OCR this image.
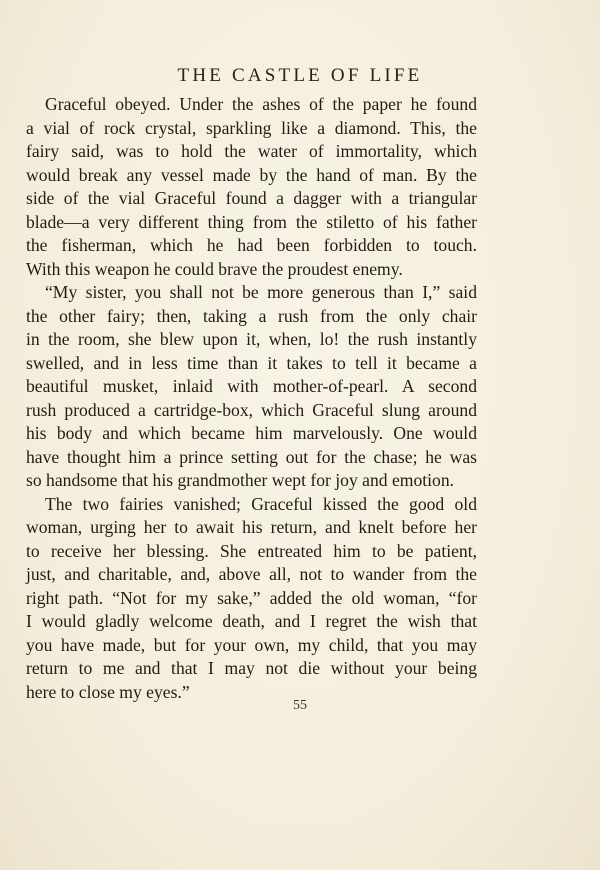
THE CASTLE OF LIFE
Graceful obeyed. Under the ashes of the paper he found
a vial of rock crystal, sparkling like a diamond. This, the
fairy said, was to hold the water of immortality, which
would break any vessel made by the hand of man. By the
side of the vial Graceful found a dagger with a triangular
blade—a very different thing from the stiletto of his father
the fisherman, which he had been forbidden to touch.
With this weapon he could brave the proudest enemy.
“My sister, you shall not be more generous than I,” said
the other fairy; then, taking a rush from the only chair
in the room, she blew upon it, when, lo! the rush instantly
swelled, and in less time than it takes to tell it became a
beautiful musket, inlaid with mother-of-pearl. A second
rush produced a cartridge-box, which Graceful slung around
his body and which became him marvelously. One would
have thought him a prince setting out for the chase; he was
so handsome that his grandmother wept for joy and emotion.
The two fairies vanished; Graceful kissed the good old
woman, urging her to await his return, and knelt before her
to receive her blessing. She entreated him to be patient,
just, and charitable, and, above all, not to wander from the
right path. “Not for my sake,” added the old woman, “for
I would gladly welcome death, and I regret the wish that
you have made, but for your own, my child, that you may
return to me and that I may not die without your being
here to close my eyes.”
55
